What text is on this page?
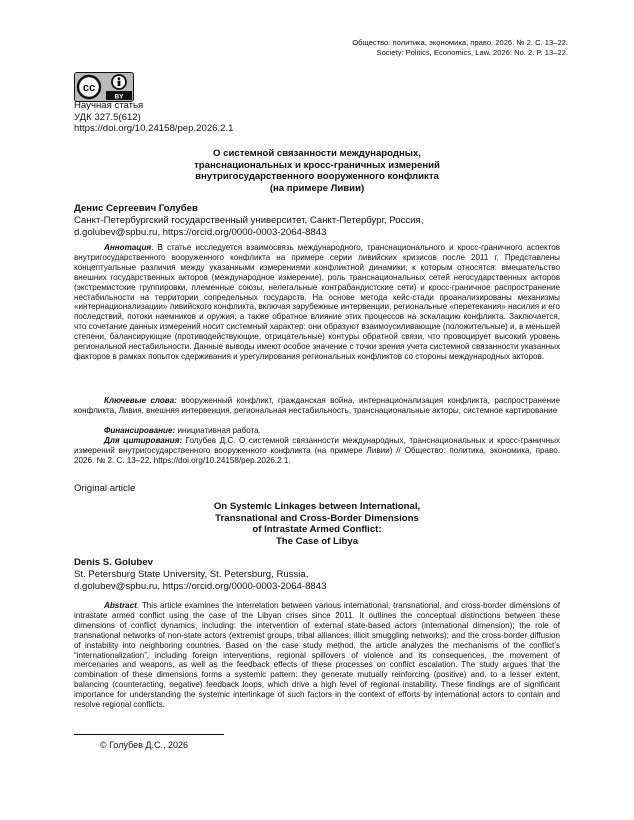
Общество: политика, экономика, право. 2026. № 2. С. 13–22.
Society: Politics, Economics, Law. 2026. No. 2. P. 13–22.
cc
BY
Научная статья
УДК 327.5(612)
https://doi.org/10.24158/pep.2026.2.1
О системной связанности международных,
транснациональных и кросс-граничных измерений
внутригосударственного вооруженного конфликта
(на примере Ливии)
Денис Сергеевич Голубев
Санкт-Петербургский государственный университет, Санкт-Петербург, Россия,
d.golubev@spbu.ru, https://orcid.org/0000-0003-2064-8843

Аннотация. В статье исследуется взаимосвязь международного, транснационального и кросс-граничного аспектов внутригосударственного вооруженного конфликта на примере серии ливийских кризисов после 2011 г. Представлены концептуальные различия между указанными измерениями конфликтной динамики, к которым относятся: вмешательство внешних государственных акторов (международное измерение), роль транснациональных сетей негосударственных акторов (экстремистские группировки, племенные союзы, нелегальные контрабандистские сети) и кросс-граничное распространение нестабильности на территории сопредельных государств. На основе метода кейс-стади проанализированы механизмы «интернационализации» ливийского конфликта, включая зарубежные интервенции, региональные «перетекания» насилия и его последствий, потоки наемников и оружия, а также обратное влияние этих процессов на эскалацию конфликта. Заключается, что сочетание данных измерений носит системный характер: они образуют взаимоусиливающие (положительные) и, в меньшей степени, балансирующие (противодействующие, отрицательные) контуры обратной связи, что провоцирует высокий уровень региональной нестабильности. Данные выводы имеют особое значение с точки зрения учета системной связанности указанных факторов в рамках попыток сдерживания и урегулирования региональных конфликтов со стороны международных акторов.

Ключевые слова: вооруженный конфликт, гражданская война, интернационализация конфликта, распространение конфликта, Ливия, внешняя интервенция, региональная нестабильность, транснациональные акторы, системное картирование

Финансирование: инициативная работа.

Для цитирования: Голубев Д.С. О системной связанности международных, транснациональных и кросс-граничных измерений внутригосударственного вооруженного конфликта (на примере Ливии) // Общество: политика, экономика, право. 2026. № 2. С. 13–22. https://doi.org/10.24158/pep.2026.2.1.

Original article
On Systemic Linkages between International,
Transnational and Cross-Border Dimensions
of Intrastate Armed Conflict:
The Case of Libya
Denis S. Golubev
St. Petersburg State University, St. Petersburg, Russia,
d.golubev@spbu.ru, https://orcid.org/0000-0003-2064-8843

Abstract. This article examines the interrelation between various international, transnational, and cross-border dimensions of intrastate armed conflict using the case of the Libyan crises since 2011. It outlines the conceptual distinctions between these dimensions of conflict dynamics, including: the intervention of external state-based actors (international dimension); the role of transnational networks of non-state actors (extremist groups, tribal alliances, illicit smuggling networks); and the cross-border diffusion of instability into neighboring countries. Based on the case study method, the article analyzes the mechanisms of the conflict’s “internationalization”, including foreign interventions, regional spillovers of violence and its consequences, the movement of mercenaries and weapons, as well as the feedback effects of these processes on conflict escalation. The study argues that the combination of these dimensions forms a systemic pattern: they generate mutually reinforcing (positive) and, to a lesser extent, balancing (counteracting, negative) feedback loops, which drive a high level of regional instability. These findings are of significant importance for understanding the systemic interlinkage of such factors in the context of efforts by international actors to contain and resolve regional conflicts.

© Голубев Д.С., 2026
